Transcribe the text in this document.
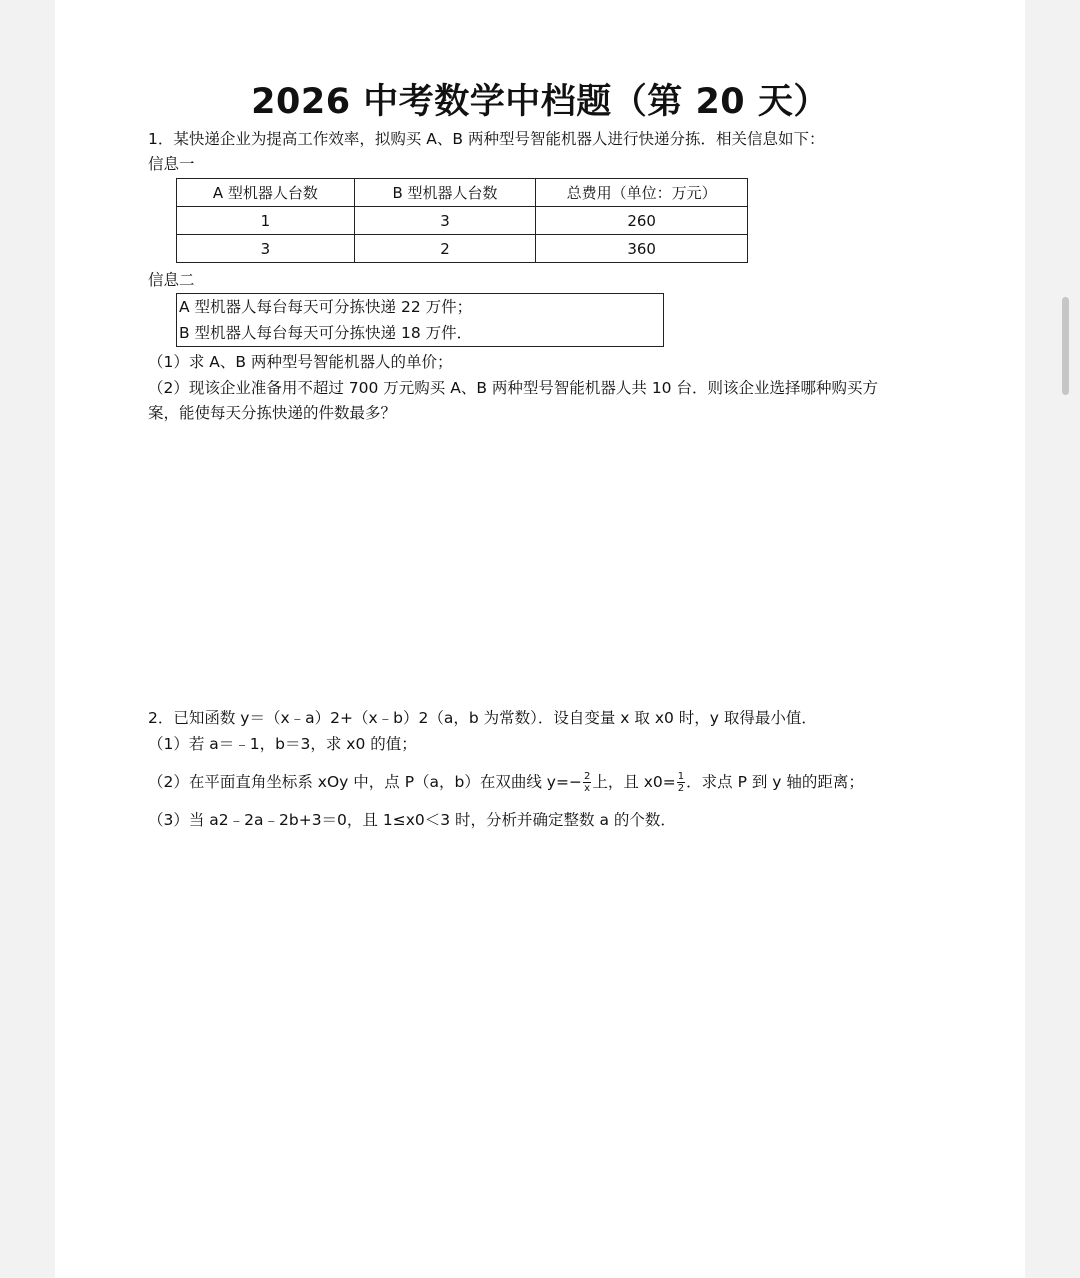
2026 中考数学中档题（第 20 天）
1．某快递企业为提高工作效率，拟购买 A、B 两种型号智能机器人进行快递分拣．相关信息如下：
信息一
A 型机器人台数	B 型机器人台数	总费用（单位：万元）
1	3	260
3	2	360
信息二
A 型机器人每台每天可分拣快递 22 万件；
B 型机器人每台每天可分拣快递 18 万件．
（1）求 A、B 两种型号智能机器人的单价；
（2）现该企业准备用不超过 700 万元购买 A、B 两种型号智能机器人共 10 台．则该企业选择哪种购买方
案，能使每天分拣快递的件数最多？
2．已知函数 y＝（x﹣a）2+（x﹣b）2（a，b 为常数）．设自变量 x 取 x0 时，y 取得最小值．
（1）若 a＝﹣1，b＝3，求 x0 的值；
（2）在平面直角坐标系 xOy 中，点 P（a，b）在双曲线 $y=- \frac{2}{x}$ 上，且 $x0= \frac{1}{2}$ ．求点 P 到 y 轴的距离；
（3）当 a2﹣2a﹣2b+3＝0，且 1≤x0＜3 时，分析并确定整数 a 的个数．
